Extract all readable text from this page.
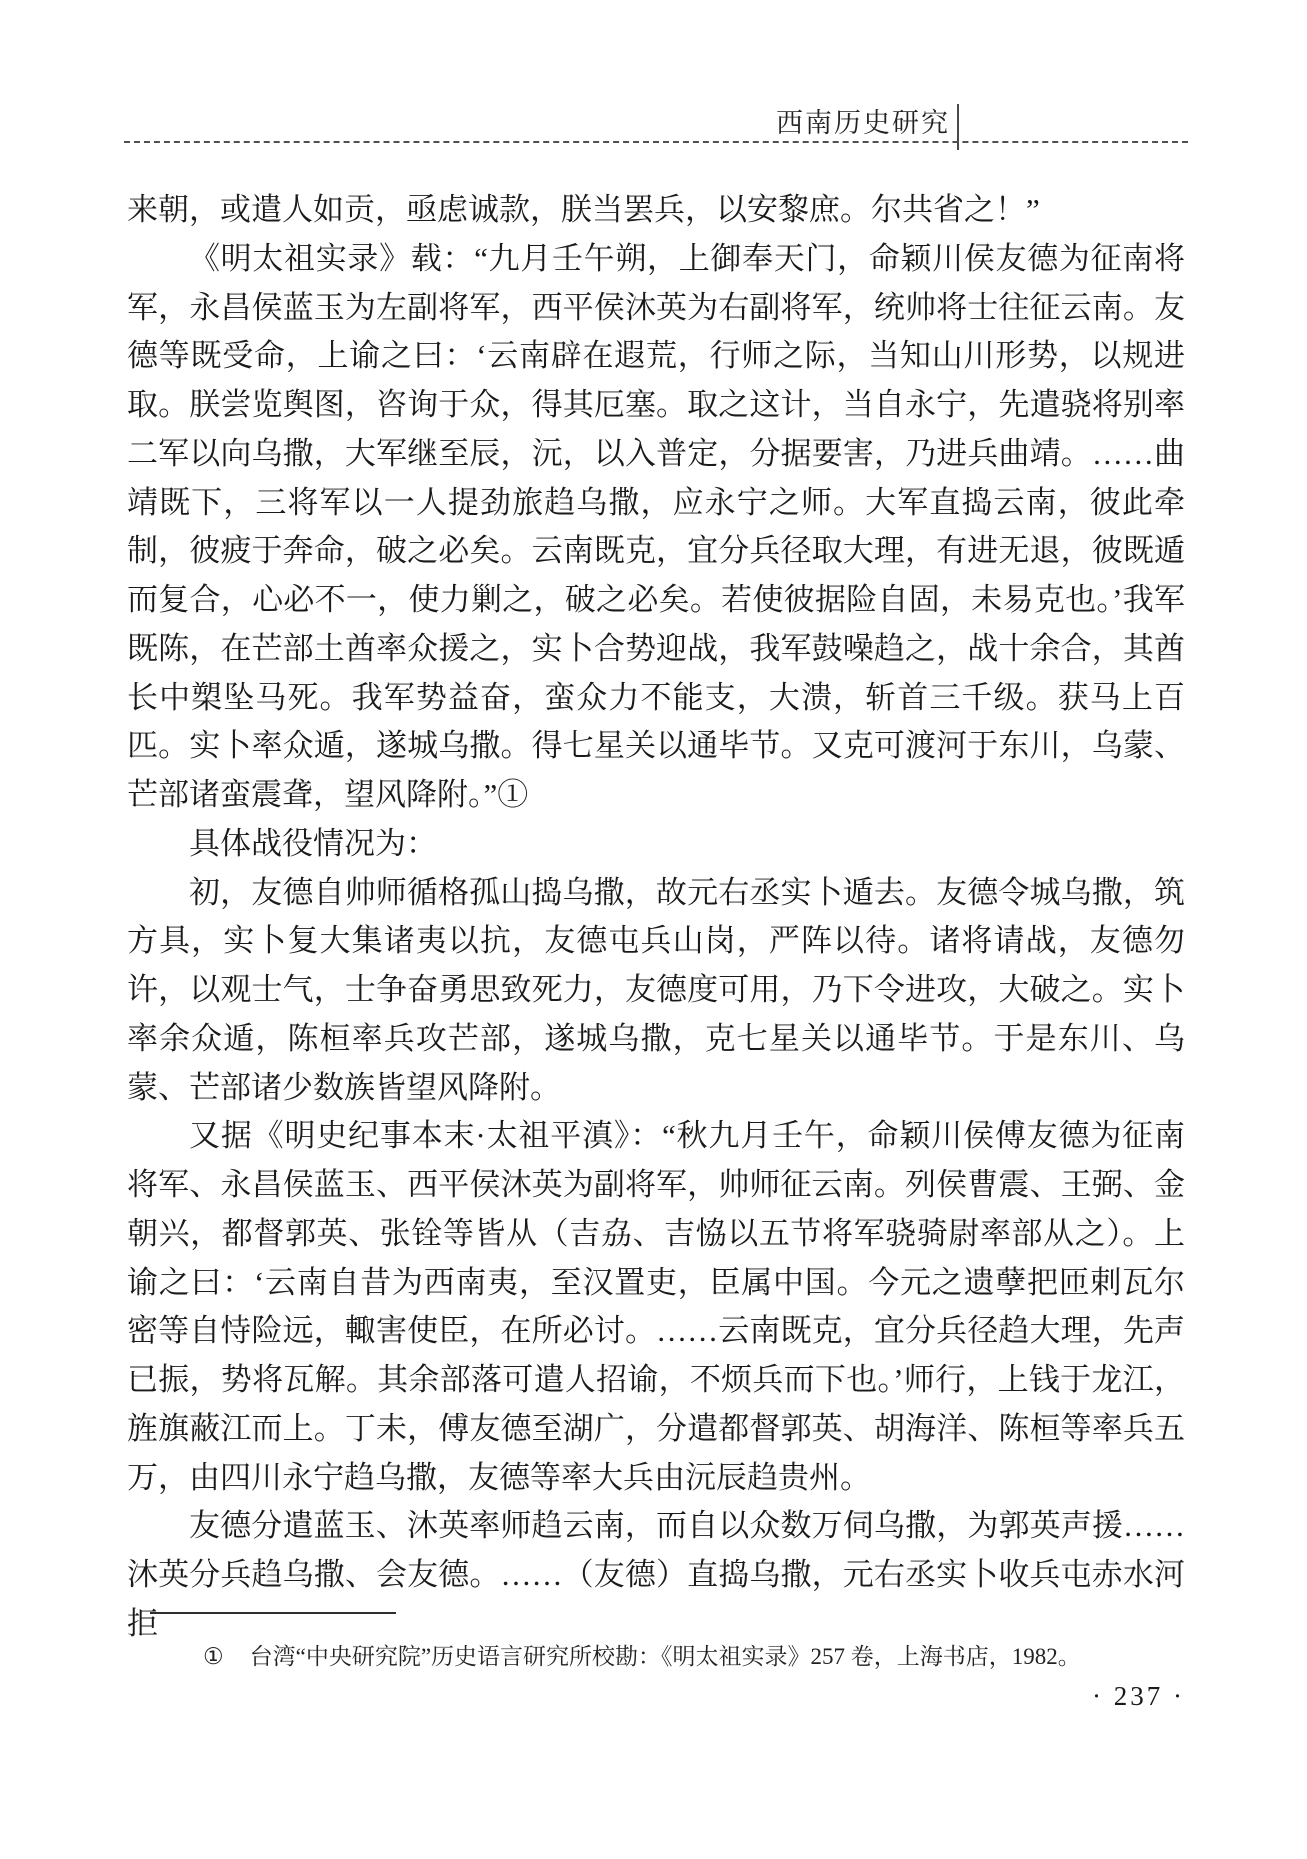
西南历史研究

来朝，或遣人如贡，亟虑诚款，朕当罢兵，以安黎庶。尔共省之！”

《明太祖实录》载：“九月壬午朔，上御奉天门，命颖川侯友德为征南将军，永昌侯蓝玉为左副将军，西平侯沐英为右副将军，统帅将士往征云南。友德等既受命，上谕之曰：‘云南辟在遐荒，行师之际，当知山川形势，以规进取。朕尝览舆图，咨询于众，得其厄塞。取之这计，当自永宁，先遣骁将别率二军以向乌撒，大军继至辰，沅，以入普定，分据要害，乃进兵曲靖。……曲靖既下，三将军以一人提劲旅趋乌撒，应永宁之师。大军直捣云南，彼此牵制，彼疲于奔命，破之必矣。云南既克，宜分兵径取大理，有进无退，彼既遁而复合，心必不一，使力剿之，破之必矣。若使彼据险自固，未易克也。’我军既陈，在芒部土酋率众援之，实卜合势迎战，我军鼓噪趋之，战十余合，其酋长中槊坠马死。我军势益奋，蛮众力不能支，大溃，斩首三千级。获马上百匹。实卜率众遁，遂城乌撒。得七星关以通毕节。又克可渡河于东川，乌蒙、芒部诸蛮震聋，望风降附。”①

具体战役情况为：

初，友德自帅师循格孤山捣乌撒，故元右丞实卜遁去。友德令城乌撒，筑方具，实卜复大集诸夷以抗，友德屯兵山岗，严阵以待。诸将请战，友德勿许，以观士气，士争奋勇思致死力，友德度可用，乃下令进攻，大破之。实卜率余众遁，陈桓率兵攻芒部，遂城乌撒，克七星关以通毕节。于是东川、乌蒙、芒部诸少数族皆望风降附。

又据《明史纪事本末·太祖平滇》：“秋九月壬午，命颖川侯傅友德为征南将军、永昌侯蓝玉、西平侯沐英为副将军，帅师征云南。列侯曹震、王弼、金朝兴，都督郭英、张铨等皆从（吉劦、吉恊以五节将军骁骑尉率部从之）。上谕之曰：‘云南自昔为西南夷，至汉置吏，臣属中国。今元之遗孽把匝剌瓦尔密等自恃险远，輙害使臣，在所必讨。……云南既克，宜分兵径趋大理，先声已振，势将瓦解。其余部落可遣人招谕，不烦兵而下也。’师行，上钱于龙江，旌旗蔽江而上。丁未，傅友德至湖广，分遣都督郭英、胡海洋、陈桓等率兵五万，由四川永宁趋乌撒，友德等率大兵由沅辰趋贵州。

友德分遣蓝玉、沐英率师趋云南，而自以众数万伺乌撒，为郭英声援……沐英分兵趋乌撒、会友德。……（友德）直捣乌撒，元右丞实卜收兵屯赤水河拒

① 台湾“中央研究院”历史语言研究所校勘：《明太祖实录》257 卷，上海书店，1982。
· 237 ·
